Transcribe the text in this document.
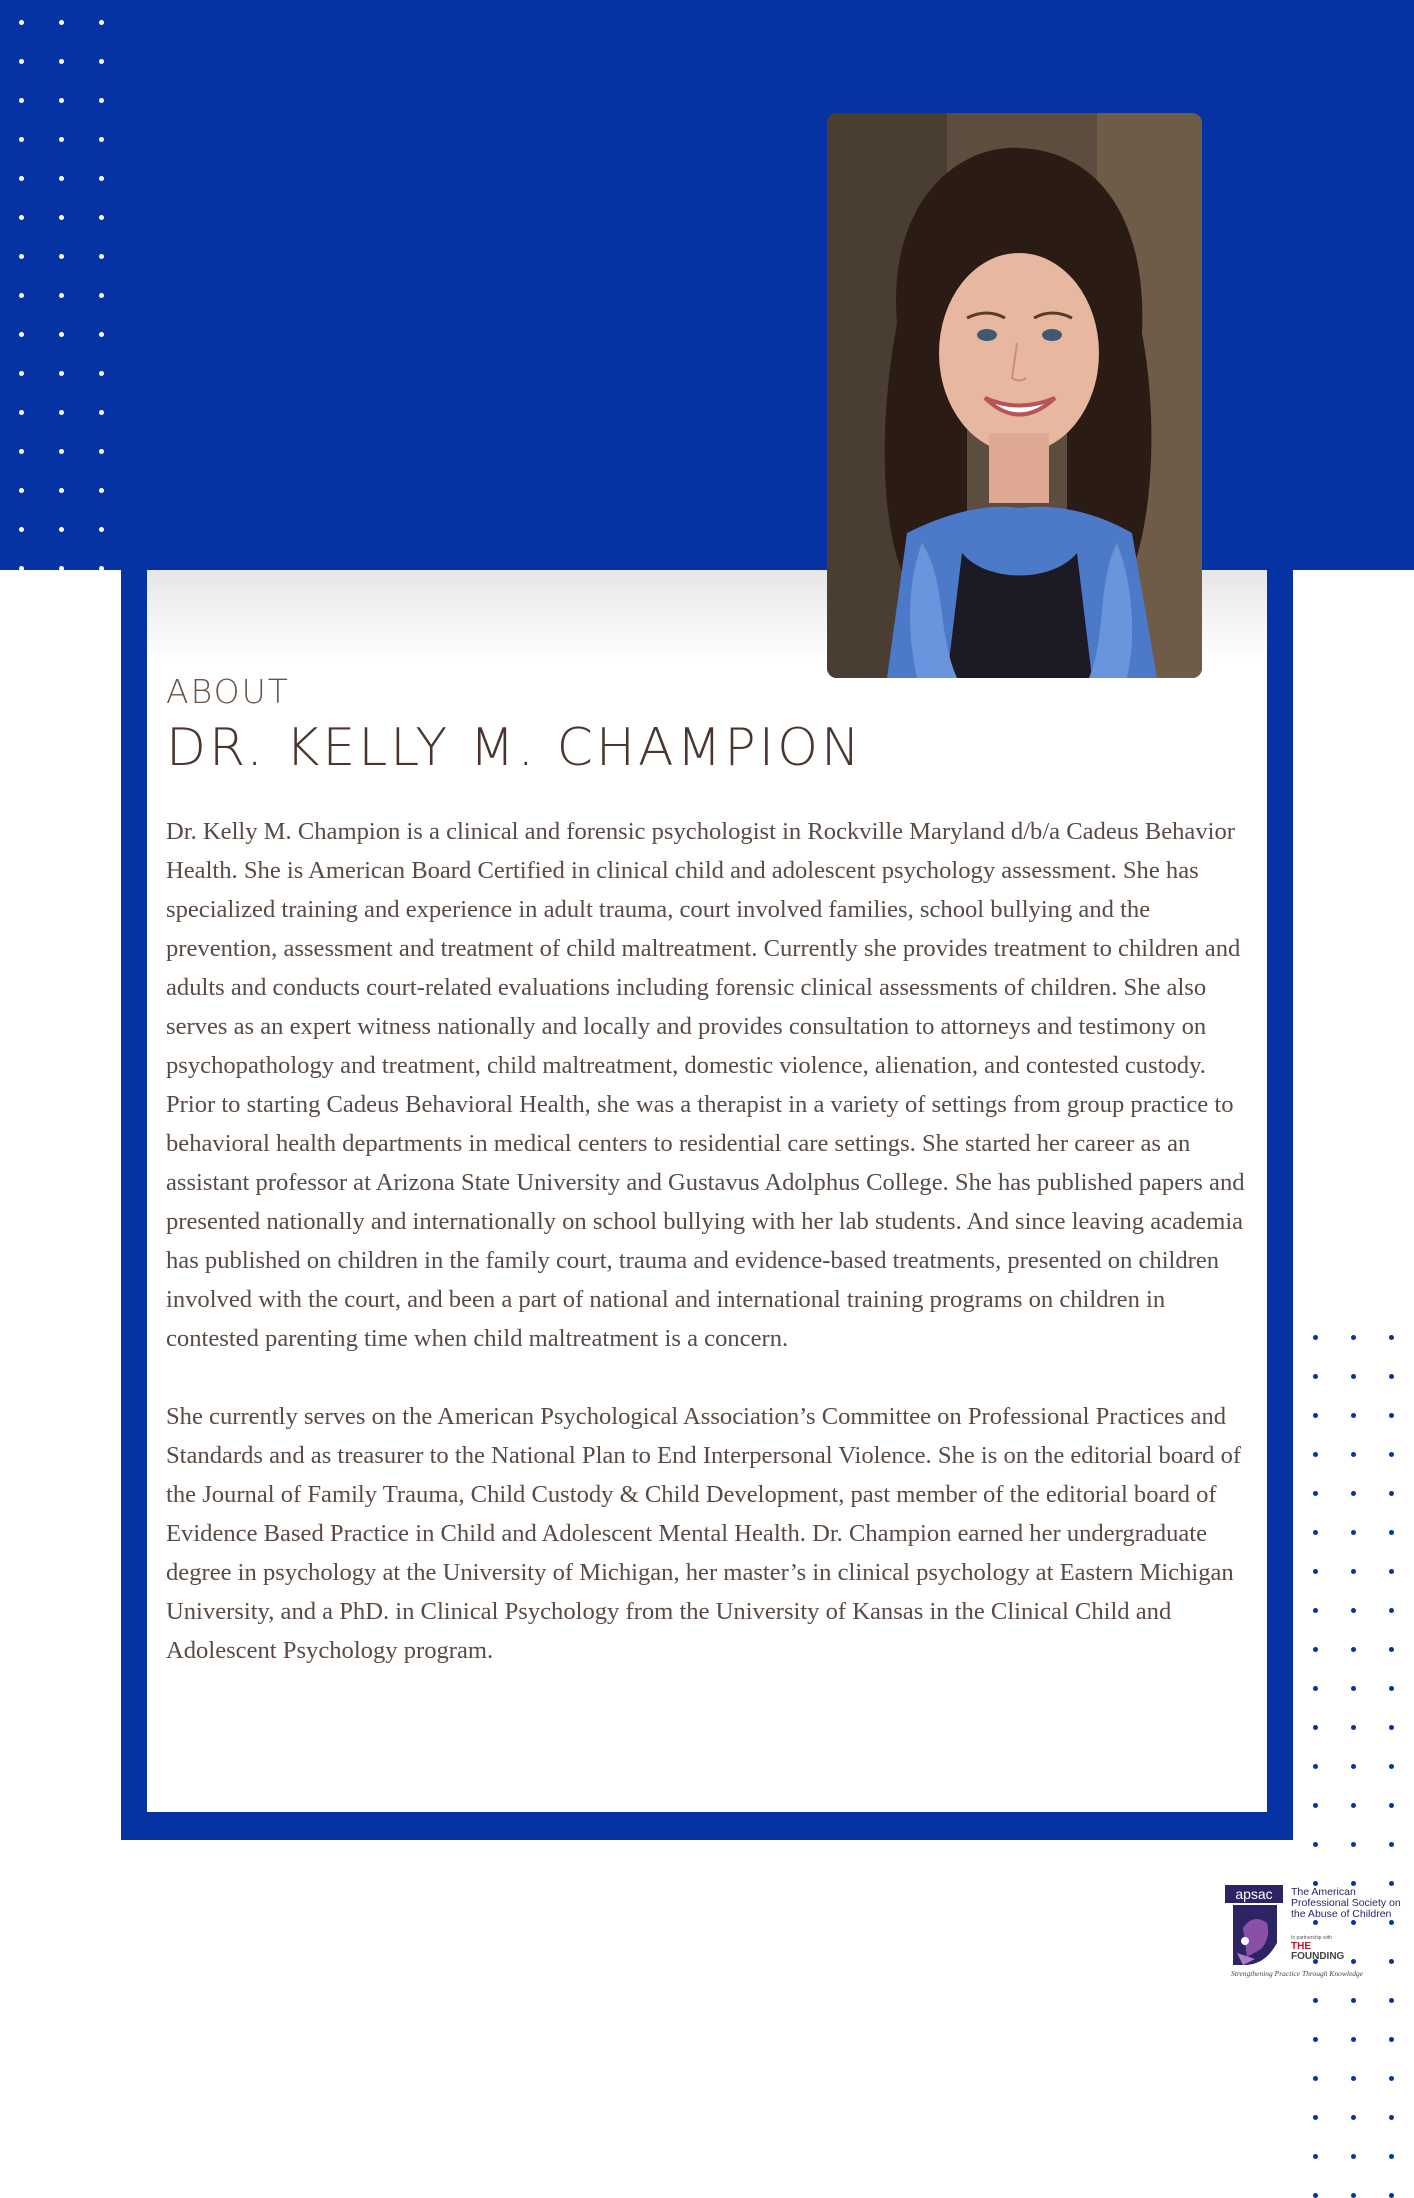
ABOUT
DR. KELLY M. CHAMPION

Dr. Kelly M. Champion is a clinical and forensic psychologist in Rockville Maryland d/b/a Cadeus Behavior Health. She is American Board Certified in clinical child and adolescent psychology assessment. She has specialized training and experience in adult trauma, court involved families, school bullying and the prevention, assessment and treatment of child maltreatment. Currently she provides treatment to children and adults and conducts court-related evaluations including forensic clinical assessments of children. She also serves as an expert witness nationally and locally and provides consultation to attorneys and testimony on psychopathology and treatment, child maltreatment, domestic violence, alienation, and contested custody. Prior to starting Cadeus Behavioral Health, she was a therapist in a variety of settings from group practice to behavioral health departments in medical centers to residential care settings. She started her career as an assistant professor at Arizona State University and Gustavus Adolphus College. She has published papers and presented nationally and internationally on school bullying with her lab students. And since leaving academia has published on children in the family court, trauma and evidence-based treatments, presented on children involved with the court, and been a part of national and international training programs on children in contested parenting time when child maltreatment is a concern.

She currently serves on the American Psychological Association’s Committee on Professional Practices and Standards and as treasurer to the National Plan to End Interpersonal Violence. She is on the editorial board of the Journal of Family Trauma, Child Custody & Child Development, past member of the editorial board of Evidence Based Practice in Child and Adolescent Mental Health. Dr. Champion earned her undergraduate degree in psychology at the University of Michigan, her master’s in clinical psychology at Eastern Michigan University, and a PhD. in Clinical Psychology from the University of Kansas in the Clinical Child and Adolescent Psychology program.

apsac The American Professional Society on the Abuse of Children
In partnership with
THE
FOUNDING
Strengthening Practice Through Knowledge
